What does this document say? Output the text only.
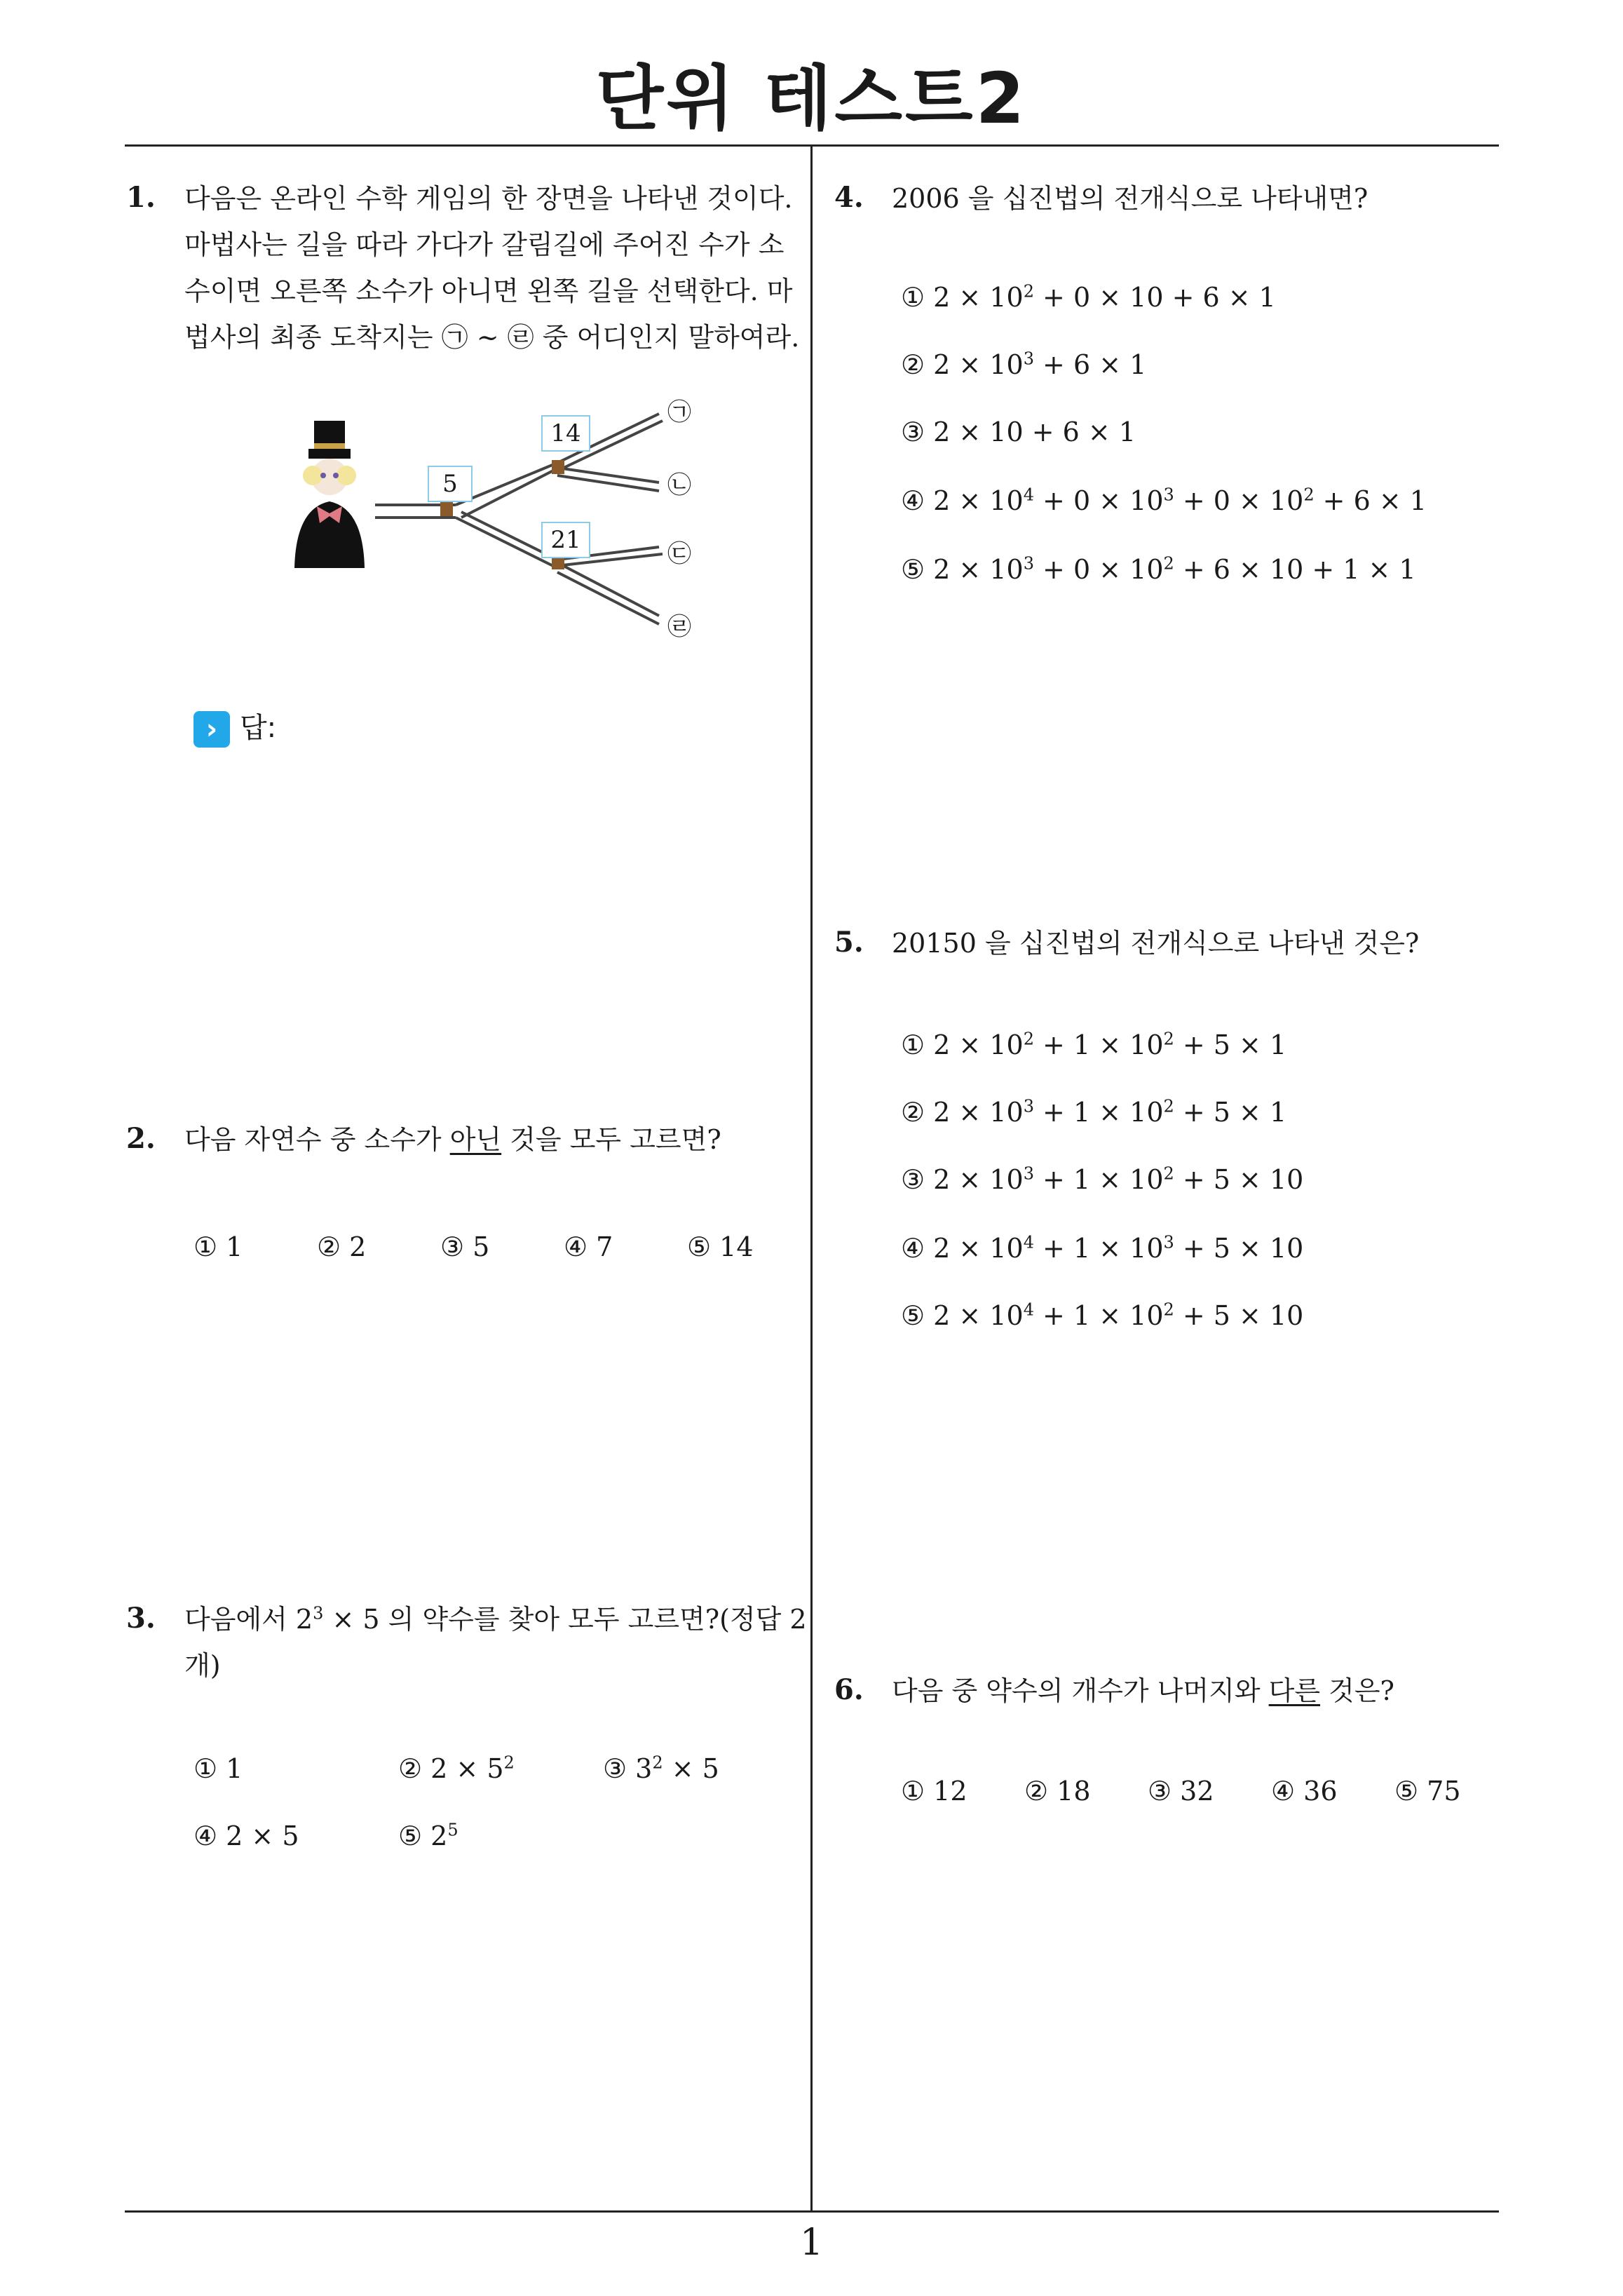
단위 테스트2
1
1. 다음은 온라인 수학 게임의 한 장면을 나타낸 것이다.
마법사는 길을 따라 가다가 갈림길에 주어진 수가 소
수이면 오른쪽 소수가 아니면 왼쪽 길을 선택한다. 마
법사의 최종 도착지는 ㉠ ~ ㉣ 중 어디인지 말하여라.
5
14
21
㉠
㉡
㉢
㉣
› 답:
2. 다음 자연수 중 소수가 아닌 것을 모두 고르면?
① 1	② 2	③ 5	④ 7	⑤ 14
3. 다음에서 $2^3 \times 5$ 의 약수를 찾아 모두 고르면?(정답 2
개)
① 1	② $2 \times 5^2$	③ $3^2 \times 5$
④ 2 × 5	⑤ $2^5$
4. 2006 을 십진법의 전개식으로 나타내면?
① $2 \times 10^2 + 0 \times 10 + 6 \times 1$
② $2 \times 10^3 + 6 \times 1$
③ 2 × 10 + 6 × 1
④ $2 \times 10^4 + 0 \times 10^3 + 0 \times 10^2 + 6 \times 1$
⑤ $2 \times 10^3 + 0 \times 10^2 + 6 \times 10 + 1 \times 1$
5. 20150 을 십진법의 전개식으로 나타낸 것은?
① $2 \times 10^2 + 1 \times 10^2 + 5 \times 1$
② $2 \times 10^3 + 1 \times 10^2 + 5 \times 1$
③ $2 \times 10^3 + 1 \times 10^2 + 5 \times 10$
④ $2 \times 10^4 + 1 \times 10^3 + 5 \times 10$
⑤ $2 \times 10^4 + 1 \times 10^2 + 5 \times 10$
6. 다음 중 약수의 개수가 나머지와 다른 것은?
① 12 ② 18 ③ 32 ④ 36 ⑤ 75
